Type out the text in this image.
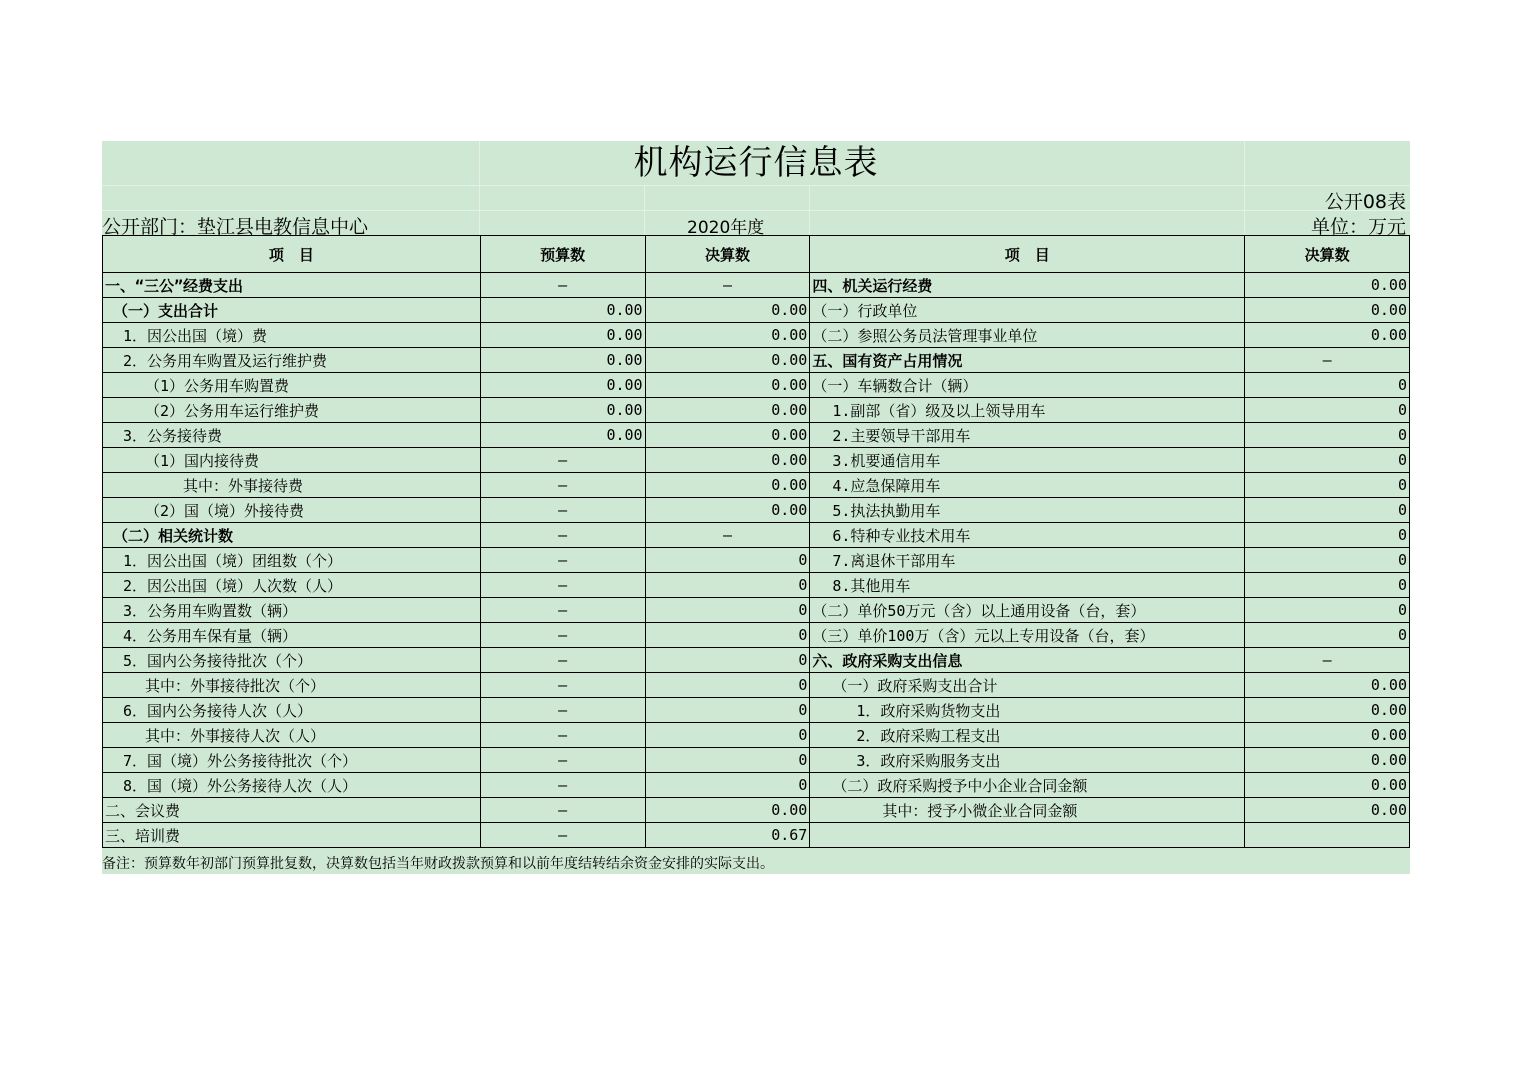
机构运行信息表
公开08表
公开部门：垫江县电教信息中心	2020年度	单位：万元
项　目	预算数	决算数	项　目	决算数
一、“三公”经费支出	—	—	四、机关运行经费	0.00
（一）支出合计	0.00	0.00	（一）行政单位	0.00
1．因公出国（境）费	0.00	0.00	（二）参照公务员法管理事业单位	0.00
2．公务用车购置及运行维护费	0.00	0.00	五、国有资产占用情况	—
（1）公务用车购置费	0.00	0.00	（一）车辆数合计（辆）	0
（2）公务用车运行维护费	0.00	0.00	1.副部（省）级及以上领导用车	0
3．公务接待费	0.00	0.00	2.主要领导干部用车	0
（1）国内接待费	—	0.00	3.机要通信用车	0
其中：外事接待费	—	0.00	4.应急保障用车	0
（2）国（境）外接待费	—	0.00	5.执法执勤用车	0
（二）相关统计数	—	—	6.特种专业技术用车	0
1．因公出国（境）团组数（个）	—	0	7.离退休干部用车	0
2．因公出国（境）人次数（人）	—	0	8.其他用车	0
3．公务用车购置数（辆）	—	0	（二）单价50万元（含）以上通用设备（台，套）	0
4．公务用车保有量（辆）	—	0	（三）单价100万（含）元以上专用设备（台，套）	0
5．国内公务接待批次（个）	—	0	六、政府采购支出信息	—
其中：外事接待批次（个）	—	0	（一）政府采购支出合计	0.00
6．国内公务接待人次（人）	—	0	1．政府采购货物支出	0.00
其中：外事接待人次（人）	—	0	2．政府采购工程支出	0.00
7．国（境）外公务接待批次（个）	—	0	3．政府采购服务支出	0.00
8．国（境）外公务接待人次（人）	—	0	（二）政府采购授予中小企业合同金额	0.00
二、会议费	—	0.00	其中：授予小微企业合同金额	0.00
三、培训费	—	0.67		
备注：预算数年初部门预算批复数，决算数包括当年财政拨款预算和以前年度结转结余资金安排的实际支出。
